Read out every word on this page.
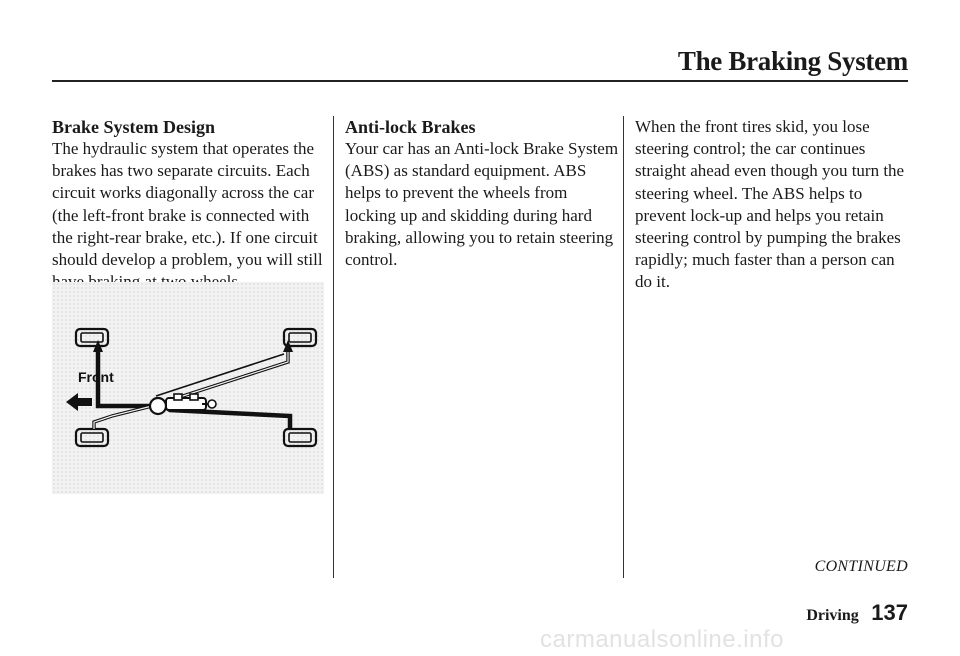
The Braking System
Brake System Design

The hydraulic system that operates the brakes has two separate circuits. Each circuit works diagonally across the car (the left-front brake is connected with the right-rear brake, etc.). If one circuit should develop a problem, you will still

Front
Anti-lock Brakes

Your car has an Anti-lock Brake System (ABS) as standard equipment. ABS helps to prevent the wheels from locking up and skidding during hard braking, allowing you to retain steering control.

When the front tires skid, you lose steering control; the car continues straight ahead even though you turn the steering wheel. The ABS helps to prevent lock-up and helps you retain steering control by pumping the brakes rapidly; much faster than a person can do it.

CONTINUED
Driving 137
carmanualsonline.info
